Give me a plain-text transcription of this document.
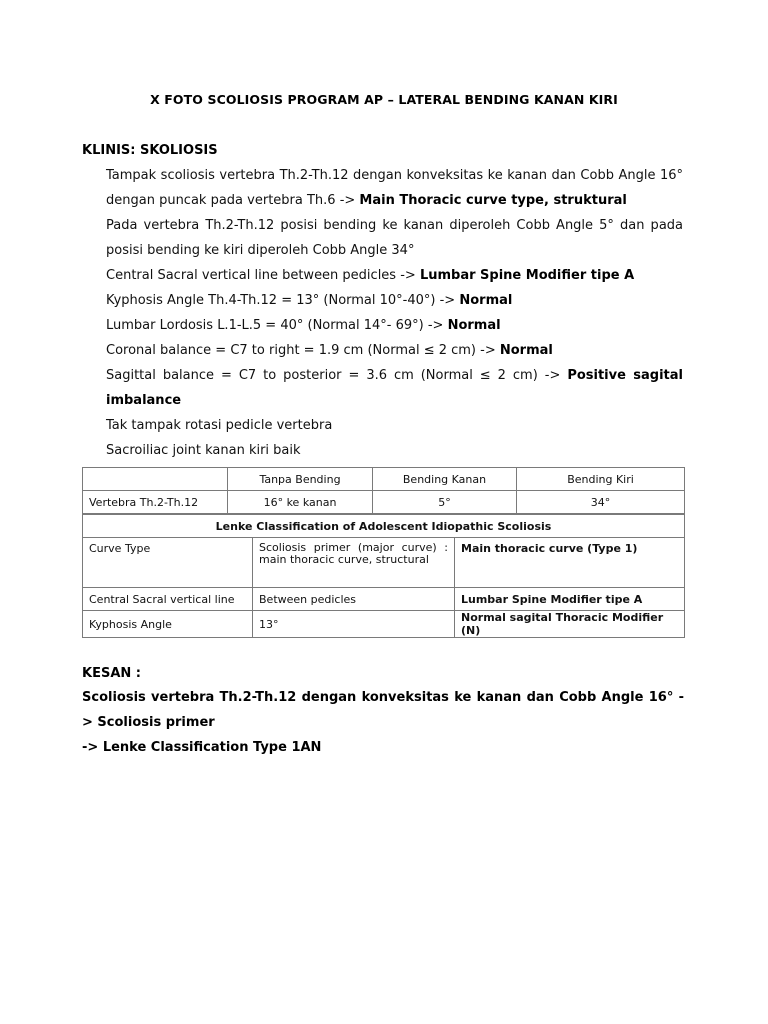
X FOTO SCOLIOSIS PROGRAM AP – LATERAL BENDING KANAN KIRI
KLINIS: SKOLIOSIS
Tampak scoliosis vertebra Th.2-Th.12 dengan konveksitas ke kanan dan Cobb Angle 16° dengan puncak pada vertebra Th.6 -> Main Thoracic curve type, struktural
Pada vertebra Th.2-Th.12 posisi bending ke kanan diperoleh Cobb Angle 5° dan pada posisi bending ke kiri diperoleh Cobb Angle 34°
Central Sacral vertical line between pedicles -> Lumbar Spine Modifier tipe A
Kyphosis Angle Th.4-Th.12 = 13° (Normal 10°-40°) -> Normal
Lumbar Lordosis L.1-L.5 = 40° (Normal 14°- 69°) -> Normal
Coronal balance = C7 to right = 1.9 cm (Normal ≤ 2 cm) -> Normal
Sagittal balance = C7 to posterior = 3.6 cm (Normal ≤ 2 cm) -> Positive sagital imbalance
Tak tampak rotasi pedicle vertebra
Sacroiliac joint kanan kiri baik
	Tanpa Bending	Bending Kanan	Bending Kiri
Vertebra Th.2-Th.12	16° ke kanan	5°	34°
Lenke Classification of Adolescent Idiopathic Scoliosis		
Curve Type	Scoliosis primer (major curve) : main thoracic curve, structural	Main thoracic curve (Type 1)
Central Sacral vertical line	Between pedicles	Lumbar Spine Modifier tipe A
Kyphosis Angle	13°	Normal sagital Thoracic Modifier (N)
KESAN :
Scoliosis vertebra Th.2-Th.12 dengan konveksitas ke kanan dan Cobb Angle 16° -> Scoliosis primer
-> Lenke Classification Type 1AN
